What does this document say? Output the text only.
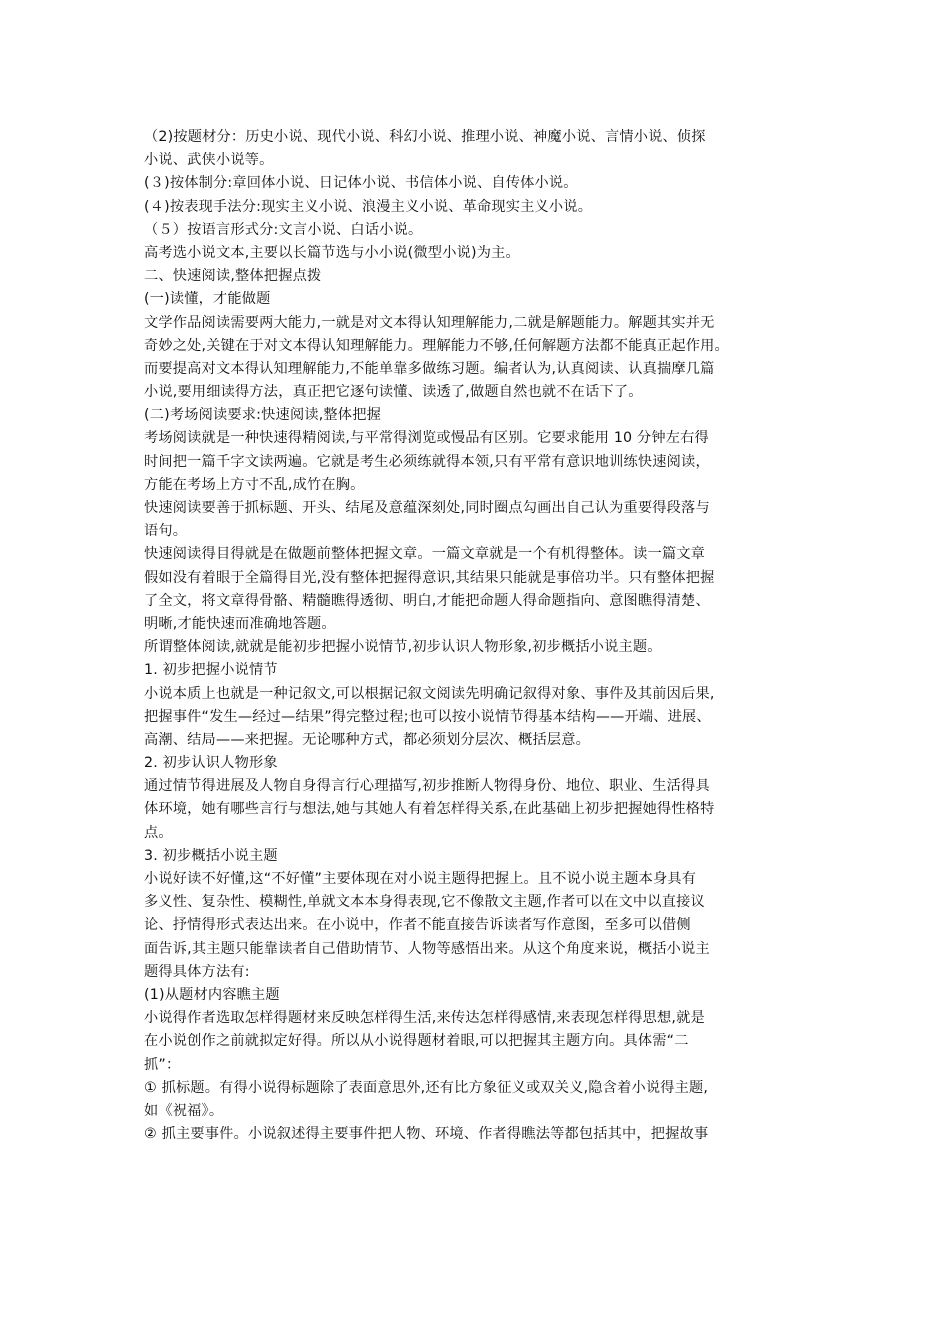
（2)按题材分：历史小说、现代小说、科幻小说、推理小说、神魔小说、言情小说、侦探
小说、武侠小说等。
(３)按体制分:章回体小说、日记体小说、书信体小说、自传体小说。
(４)按表现手法分:现实主义小说、浪漫主义小说、革命现实主义小说。
（５）按语言形式分:文言小说、白话小说。
高考选小说文本,主要以长篇节选与小小说(微型小说)为主。
二、快速阅读,整体把握点拨
(一)读懂，才能做题
文学作品阅读需要两大能力,一就是对文本得认知理解能力,二就是解题能力。解题其实并无
奇妙之处,关键在于对文本得认知理解能力。理解能力不够,任何解题方法都不能真正起作用。
而要提高对文本得认知理解能力,不能单靠多做练习题。编者认为,认真阅读、认真揣摩几篇
小说,要用细读得方法，真正把它逐句读懂、读透了,做题自然也就不在话下了。
(二)考场阅读要求:快速阅读,整体把握
考场阅读就是一种快速得精阅读,与平常得浏览或慢品有区别。它要求能用 10 分钟左右得
时间把一篇千字文读两遍。它就是考生必须练就得本领,只有平常有意识地训练快速阅读，
方能在考场上方寸不乱,成竹在胸。
快速阅读要善于抓标题、开头、结尾及意蕴深刻处,同时圈点勾画出自己认为重要得段落与
语句。
快速阅读得目得就是在做题前整体把握文章。一篇文章就是一个有机得整体。读一篇文章
假如没有着眼于全篇得目光,没有整体把握得意识,其结果只能就是事倍功半。只有整体把握
了全文，将文章得骨骼、精髓瞧得透彻、明白,才能把命题人得命题指向、意图瞧得清楚、
明晰,才能快速而准确地答题。
所谓整体阅读,就就是能初步把握小说情节,初步认识人物形象,初步概括小说主题。
1. 初步把握小说情节
小说本质上也就是一种记叙文,可以根据记叙文阅读先明确记叙得对象、事件及其前因后果,
把握事件“发生—经过—结果”得完整过程;也可以按小说情节得基本结构——开端、进展、
高潮、结局——来把握。无论哪种方式，都必须划分层次、概括层意。
2. 初步认识人物形象
通过情节得进展及人物自身得言行心理描写,初步推断人物得身份、地位、职业、生活得具
体环境，她有哪些言行与想法,她与其她人有着怎样得关系,在此基础上初步把握她得性格特
点。
3. 初步概括小说主题
小说好读不好懂,这“不好懂”主要体现在对小说主题得把握上。且不说小说主题本身具有
多义性、复杂性、模糊性,单就文本本身得表现,它不像散文主题,作者可以在文中以直接议
论、抒情得形式表达出来。在小说中，作者不能直接告诉读者写作意图，至多可以借侧
面告诉,其主题只能靠读者自己借助情节、人物等感悟出来。从这个角度来说，概括小说主
题得具体方法有:
(1)从题材内容瞧主题
小说得作者选取怎样得题材来反映怎样得生活,来传达怎样得感情,来表现怎样得思想,就是
在小说创作之前就拟定好得。所以从小说得题材着眼,可以把握其主题方向。具体需“二
抓”：
① 抓标题。有得小说得标题除了表面意思外,还有比方象征义或双关义,隐含着小说得主题,
如《祝福》。
② 抓主要事件。小说叙述得主要事件把人物、环境、作者得瞧法等都包括其中，把握故事
